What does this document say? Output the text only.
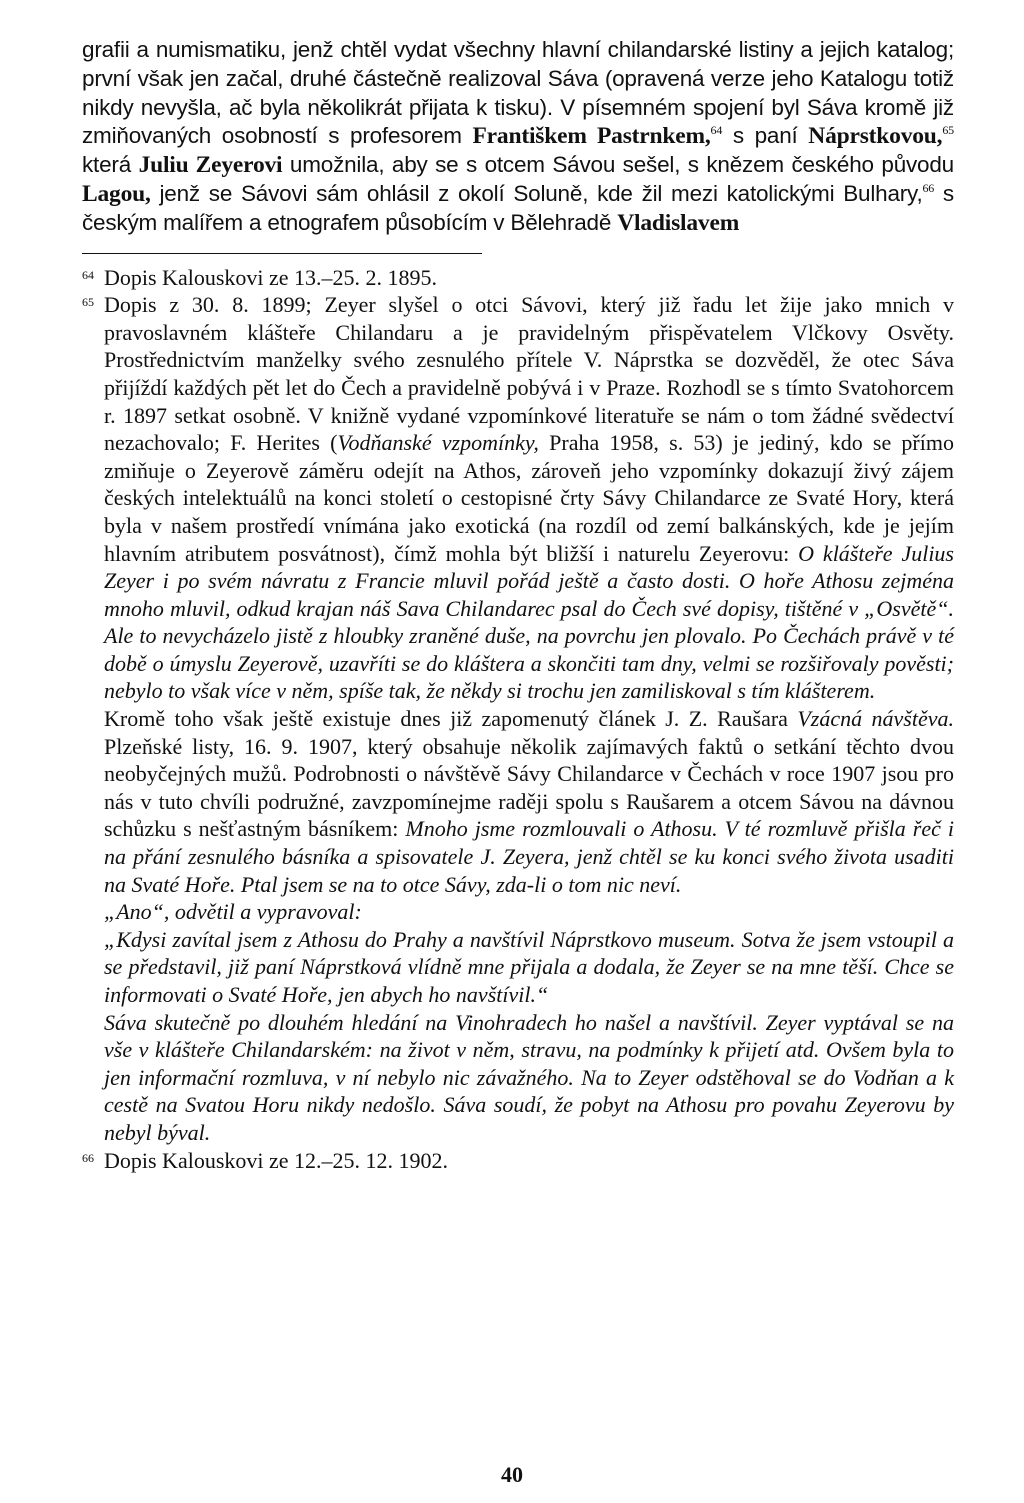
grafii a numismatiku, jenž chtěl vydat všechny hlavní chilandarské listiny a jejich katalog; první však jen začal, druhé částečně realizoval Sáva (opravená verze jeho Katalogu totiž nikdy nevyšla, ač byla několikrát přijata k tisku). V písemném spojení byl Sáva kromě již zmiňovaných osobností s profesorem Františkem Pastrnkem,$^{64}$ s paní Náprstkovou,$^{65}$ která Juliu Zeyerovi umožnila, aby se s otcem Sávou sešel, s knězem českého původu Lagou, jenž se Sávovi sám ohlásil z okolí Soluně, kde žil mezi katolickými Bulhary,$^{66}$ s českým malířem a etnografem působícím v Bělehradě Vladislavem
64 Dopis Kalouskovi ze 13.–25. 2. 1895.
65 Dopis z 30. 8. 1899; Zeyer slyšel o otci Sávovi, který již řadu let žije jako mnich v pravoslavném klášteře Chilandaru a je pravidelným přispěvatelem Vlčkovy Osvěty. Prostřednictvím manželky svého zesnulého přítele V. Náprstka se dozvěděl, že otec Sáva přijíždí každých pět let do Čech a pravidelně pobývá i v Praze. Rozhodl se s tímto Svatohorcem r. 1897 setkat osobně. V knižně vydané vzpomínkové literatuře se nám o tom žádné svědectví nezachovalo; F. Herites (Vodňanské vzpomínky, Praha 1958, s. 53) je jediný, kdo se přímo zmiňuje o Zeyerově záměru odejít na Athos, zároveň jeho vzpomínky dokazují živý zájem českých intelektuálů na konci století o cestopisné črty Sávy Chilandarce ze Svaté Hory, která byla v našem prostředí vnímána jako exotická (na rozdíl od zemí balkánských, kde je jejím hlavním atributem posvátnost), čímž mohla být bližší i naturelu Zeyerovu: O klášteře Julius Zeyer i po svém návratu z Francie mluvil pořád ještě a často dosti. O hoře Athosu zejména mnoho mluvil, odkud krajan náš Sava Chilandarec psal do Čech své dopisy, tištěné v „Osvětě“. Ale to nevycházelo jistě z hloubky zraněné duše, na povrchu jen plovalo. Po Čechách právě v té době o úmyslu Zeyerově, uzavříti se do kláštera a skončiti tam dny, velmi se rozšiřovaly pověsti; nebylo to však více v něm, spíše tak, že někdy si trochu jen zamiliskoval s tím klášterem.
Kromě toho však ještě existuje dnes již zapomenutý článek J. Z. Raušara Vzácná návštěva. Plzeňské listy, 16. 9. 1907, který obsahuje několik zajímavých faktů o setkání těchto dvou neobyčejných mužů. Podrobnosti o návštěvě Sávy Chilandarce v Čechách v roce 1907 jsou pro nás v tuto chvíli podružné, zavzpomínejme raději spolu s Raušarem a otcem Sávou na dávnou schůzku s nešťastným básníkem: Mnoho jsme rozmlouvali o Athosu. V té rozmluvě přišla řeč i na přání zesnulého básníka a spisovatele J. Zeyera, jenž chtěl se ku konci svého života usaditi na Svaté Hoře. Ptal jsem se na to otce Sávy, zda-li o tom nic neví.
„Ano“, odvětil a vypravoval:
„Kdysi zavítal jsem z Athosu do Prahy a navštívil Náprstkovo museum. Sotva že jsem vstoupil a se představil, již paní Náprstková vlídně mne přijala a dodala, že Zeyer se na mne těší. Chce se informovati o Svaté Hoře, jen abych ho navštívil.“
Sáva skutečně po dlouhém hledání na Vinohradech ho našel a navštívil. Zeyer vyptával se na vše v klášteře Chilandarském: na život v něm, stravu, na podmínky k přijetí atd. Ovšem byla to jen informační rozmluva, v ní nebylo nic závažného. Na to Zeyer odstěhoval se do Vodňan a k cestě na Svatou Horu nikdy nedošlo. Sáva soudí, že pobyt na Athosu pro povahu Zeyerovu by nebyl býval.
66 Dopis Kalouskovi ze 12.–25. 12. 1902.
40
